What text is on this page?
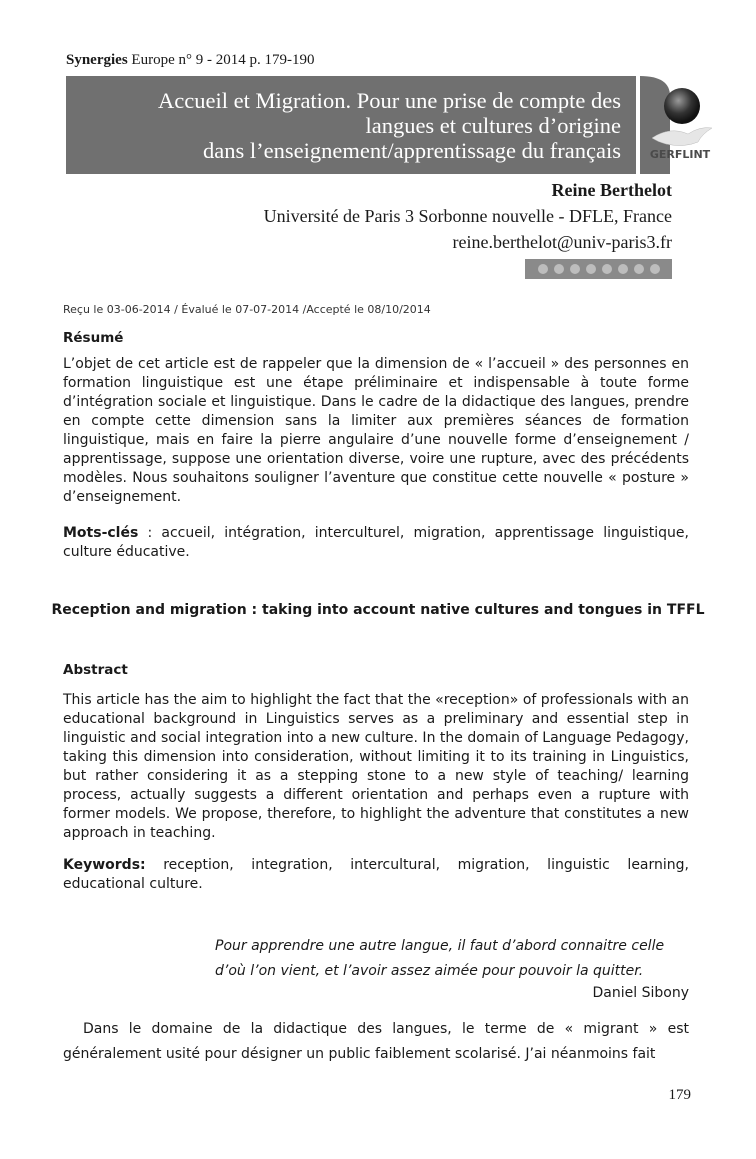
Synergies Europe n° 9 - 2014 p. 179-190
Accueil et Migration. Pour une prise de compte des
langues et cultures d’origine
dans l’enseignement/apprentissage du français	GERFLINT
Reine Berthelot
Université de Paris 3 Sorbonne nouvelle - DFLE, France
reine.berthelot@univ-paris3.fr
Reçu le 03-06-2014 / Évalué le 07-07-2014 /Accepté le 08/10/2014
Résumé
L’objet de cet article est de rappeler que la dimension de « l’accueil » des personnes en formation linguistique est une étape préliminaire et indispensable à toute forme d’intégration sociale et linguistique. Dans le cadre de la didactique des langues, prendre en compte cette dimension sans la limiter aux premières séances de formation linguistique, mais en faire la pierre angulaire d’une nouvelle forme d’enseignement / apprentissage, suppose une orientation diverse, voire une rupture, avec des précédents modèles. Nous souhaitons souligner l’aventure que constitue cette nouvelle « posture » d’enseignement.
Mots-clés : accueil, intégration, interculturel, migration, apprentissage linguistique, culture éducative.
Reception and migration : taking into account native cultures and tongues in TFFL
Abstract
This article has the aim to highlight the fact that the «reception» of professionals with an educational background in Linguistics serves as a preliminary and essential step in linguistic and social integration into a new culture. In the domain of Language Pedagogy, taking this dimension into consideration, without limiting it to its training in Linguistics, but rather considering it as a stepping stone to a new style of teaching/ learning process, actually suggests a different orientation and perhaps even a rupture with former models. We propose, therefore, to highlight the adventure that constitutes a new approach in teaching.
Keywords: reception, integration, intercultural, migration, linguistic learning, educational culture.
Pour apprendre une autre langue, il faut d’abord connaitre celle
d’où l’on vient, et l’avoir assez aimée pour pouvoir la quitter.
Daniel Sibony
Dans le domaine de la didactique des langues, le terme de « migrant » est généralement usité pour désigner un public faiblement scolarisé. J’ai néanmoins fait
179
